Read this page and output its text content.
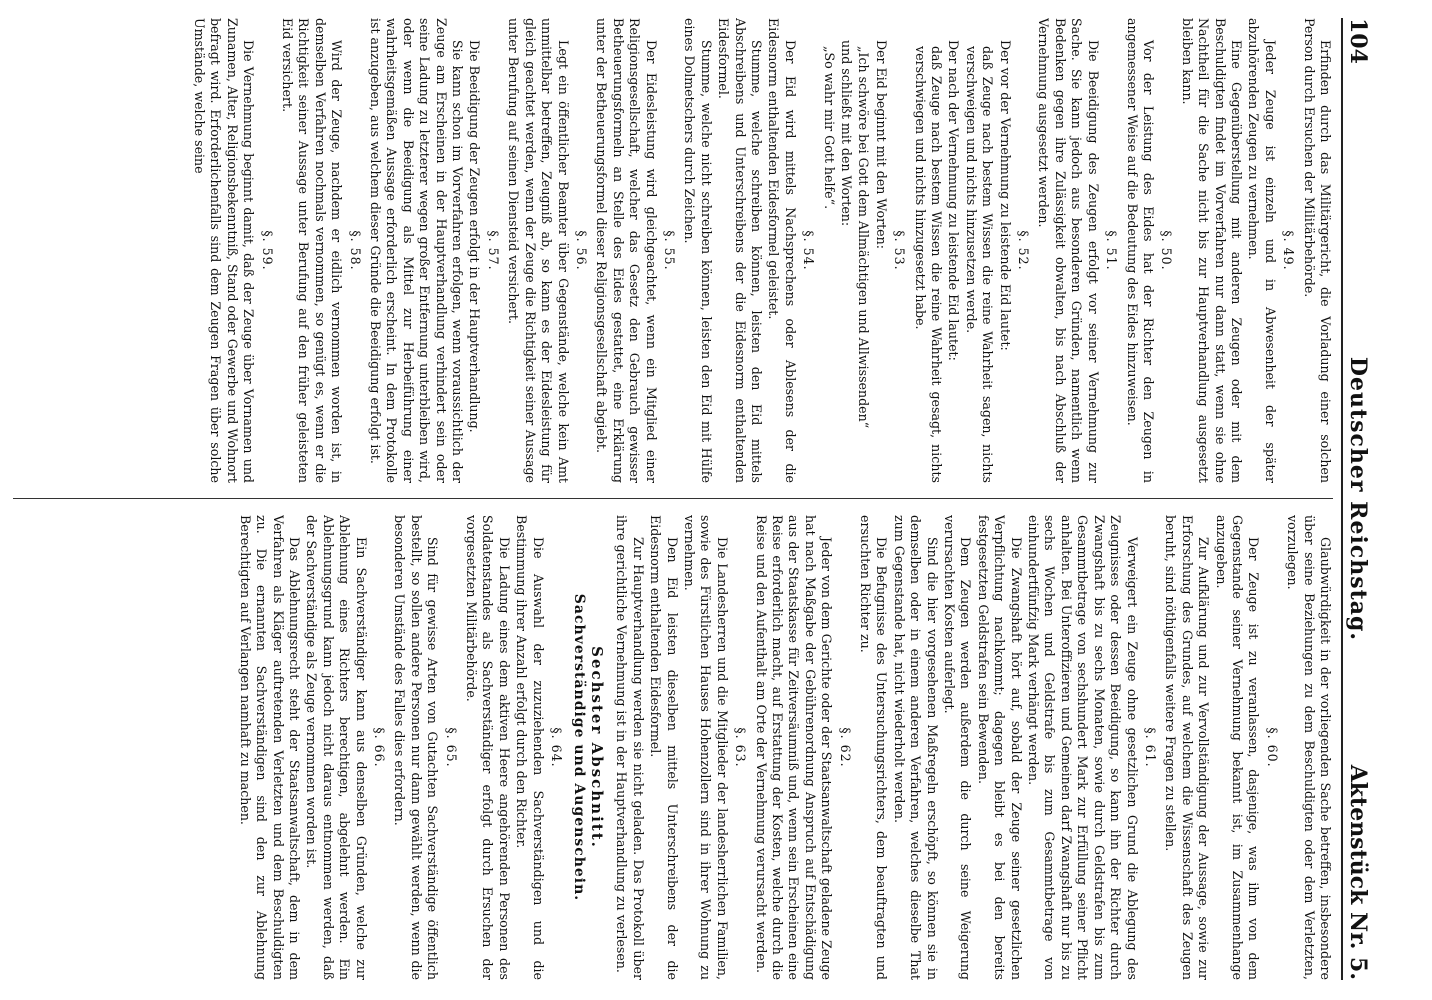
104
Deutscher Reichstag.
Aktenstück Nr. 5.

Erfinden durch das Militärgericht, die Vorladung einer solchen Person durch Ersuchen der Militärbehörde.

§. 49.

Jeder Zeuge ist einzeln und in Abwesenheit der später abzuhörenden Zeugen zu vernehmen.

Eine Gegenüberstellung mit anderen Zeugen oder mit dem Beschuldigten findet im Vorverfahren nur dann statt, wenn sie ohne Nachtheil für die Sache nicht bis zur Hauptverhandlung ausgesetzt bleiben kann.

§. 50.

Vor der Leistung des Eides hat der Richter den Zeugen in angemessener Weise auf die Bedeutung des Eides hinzuweisen.

§. 51.

Die Beeidigung des Zeugen erfolgt vor seiner Vernehmung zur Sache. Sie kann jedoch aus besonderen Gründen, namentlich wenn Bedenken gegen ihre Zulässigkeit obwalten, bis nach Abschluß der Vernehmung ausgesetzt werden.

§. 52.

Der vor der Vernehmung zu leistende Eid lautet:

daß Zeuge nach bestem Wissen die reine Wahrheit sagen, nichts verschweigen und nichts hinzusetzen werde.

Der nach der Vernehmung zu leistende Eid lautet:

daß Zeuge nach bestem Wissen die reine Wahrheit gesagt, nichts verschwiegen und nichts hinzugesetzt habe.

§. 53.

Der Eid beginnt mit den Worten:

„Ich schwöre bei Gott dem Allmächtigen und Allwissenden“

und schließt mit den Worten:

„So wahr mir Gott helfe“.

§. 54.

Der Eid wird mittels Nachsprechens oder Ablesens der die Eidesnorm enthaltenden Eidesformel geleistet.

Stumme, welche schreiben können, leisten den Eid mittels Abschreibens und Unterschreibens der die Eidesnorm enthaltenden Eidesformel.

Stumme, welche nicht schreiben können, leisten den Eid mit Hülfe eines Dolmetschers durch Zeichen.

§. 55.

Der Eidesleistung wird gleichgeachtet, wenn ein Mitglied einer Religionsgesellschaft, welcher das Gesetz den Gebrauch gewisser Betheuerungsformeln an Stelle des Eides gestattet, eine Erklärung unter der Betheuerungsformel dieser Religionsgesellschaft abgiebt.

§. 56.

Legt ein öffentlicher Beamter über Gegenstände, welche kein Amt unmittelbar betreffen, Zeugniß ab, so kann es der Eidesleistung für gleich geachtet werden, wenn der Zeuge die Richtigkeit seiner Aussage unter Berufung auf seinen Diensteid versichert.

§. 57.

Die Beeidigung der Zeugen erfolgt in der Hauptverhandlung.

Sie kann schon im Vorverfahren erfolgen, wenn voraussichtlich der Zeuge am Erscheinen in der Hauptverhandlung verhindert sein oder seine Ladung zu letzterer wegen großer Entfernung unterbleiben wird, oder wenn die Beeidigung als Mittel zur Herbeiführung einer wahrheitsgemäßen Aussage erforderlich erscheint. In dem Protokolle ist anzugeben, aus welchem dieser Gründe die Beeidigung erfolgt ist.

§. 58.

Wird der Zeuge, nachdem er eidlich vernommen worden ist, in demselben Verfahren nochmals vernommen, so genügt es, wenn er die Richtigkeit seiner Aussage unter Berufung auf den früher geleisteten Eid versichert.

§. 59.

Die Vernehmung beginnt damit, daß der Zeuge über Vornamen und Zunamen, Alter, Religionsbekenntniß, Stand oder Gewerbe und Wohnort befragt wird. Erforderlichenfalls sind dem Zeugen Fragen über solche Umstände, welche seine

Glaubwürdigkeit in der vorliegenden Sache betreffen, insbesondere über seine Beziehungen zu dem Beschuldigten oder dem Verletzten, vorzulegen.

§. 60.

Der Zeuge ist zu veranlassen, dasjenige, was ihm von dem Gegenstande seiner Vernehmung bekannt ist, im Zusammenhange anzugeben.

Zur Aufklärung und zur Vervollständigung der Aussage, sowie zur Erforschung des Grundes, auf welchem die Wissenschaft des Zeugen beruht, sind nöthigenfalls weitere Fragen zu stellen.

§. 61.

Verweigert ein Zeuge ohne gesetzlichen Grund die Ablegung des Zeugnisses oder dessen Beeidigung, so kann ihn der Richter durch Zwangshaft bis zu sechs Monaten, sowie durch Geldstrafen bis zum Gesammtbetrage von sechshundert Mark zur Erfüllung seiner Pflicht anhalten. Bei Unteroffizieren und Gemeinen darf Zwangshaft nur bis zu sechs Wochen und Geldstrafe bis zum Gesammtbetrage von einhundertfünfzig Mark verhängt werden.

Die Zwangshaft hört auf, sobald der Zeuge seiner gesetzlichen Verpflichtung nachkommt; dagegen bleibt es bei den bereits festgesetzten Geldstrafen sein Bewenden.

Dem Zeugen werden außerdem die durch seine Weigerung verursachten Kosten auferlegt.

Sind die hier vorgesehenen Maßregeln erschöpft, so können sie in demselben oder in einem anderen Verfahren, welches dieselbe That zum Gegenstande hat, nicht wiederholt werden.

Die Befugnisse des Untersuchungsrichters, dem beauftragten und ersuchten Richter zu.

§. 62.

Jeder von dem Gerichte oder der Staatsanwaltschaft geladene Zeuge hat nach Maßgabe der Gebührenordnung Anspruch auf Entschädigung aus der Staatskasse für Zeitversäumniß und, wenn sein Erscheinen eine Reise erforderlich macht, auf Erstattung der Kosten, welche durch die Reise und den Aufenthalt am Orte der Vernehmung verursacht werden.

§. 63.

Die Landesherren und die Mitglieder der landesherrlichen Familien, sowie des Fürstlichen Hauses Hohenzollern sind in ihrer Wohnung zu vernehmen.

Den Eid leisten dieselben mittels Unterschreibens der die Eidesnorm enthaltenden Eidesformel.

Zur Hauptverhandlung werden sie nicht geladen. Das Protokoll über ihre gerichtliche Vernehmung ist in der Hauptverhandlung zu verlesen.

Sechster Abschnitt.

Sachverständige und Augenschein.

§. 64.

Die Auswahl der zuzuziehenden Sachverständigen und die Bestimmung ihrer Anzahl erfolgt durch den Richter.

Die Ladung eines dem aktiven Heere angehörenden Personen des Soldatenstandes als Sachverständiger erfolgt durch Ersuchen der vorgesetzten Militärbehörde.

§. 65.

Sind für gewisse Arten von Gutachten Sachverständige öffentlich bestellt, so sollen andere Personen nur dann gewählt werden, wenn die besonderen Umstände des Falles dies erfordern.

§. 66.

Ein Sachverständiger kann aus denselben Gründen, welche zur Ablehnung eines Richters berechtigen, abgelehnt werden. Ein Ablehnungsgrund kann jedoch nicht daraus entnommen werden, daß der Sachverständige als Zeuge vernommen worden ist.

Das Ablehnungsrecht steht der Staatsanwaltschaft, dem in dem Verfahren als Kläger auftretenden Verletzten und dem Beschuldigten zu. Die ernannten Sachverständigen sind den zur Ablehnung Berechtigten auf Verlangen namhaft zu machen.
